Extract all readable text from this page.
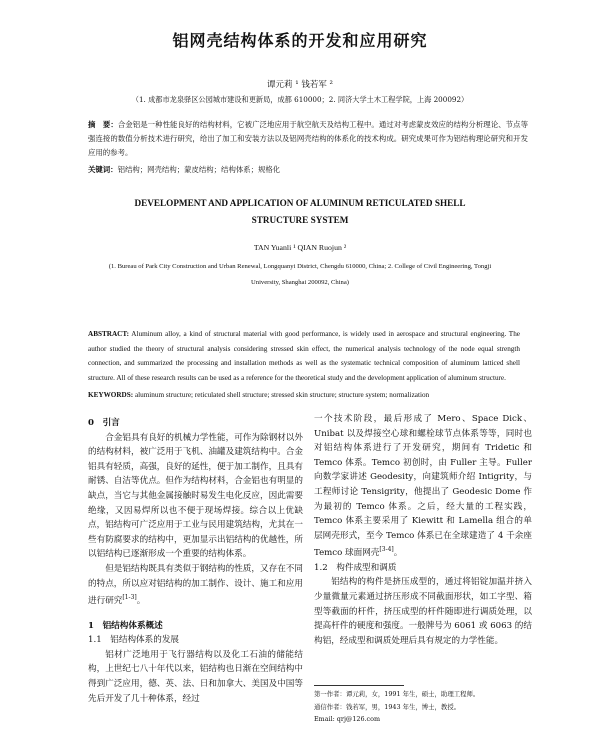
铝网壳结构体系的开发和应用研究
谭元莉 ¹ 钱若军 ²
（1. 成都市龙泉驿区公园城市建设和更新局，成都 610000；2. 同济大学土木工程学院，上海 200092）
摘　要：合金铝是一种性能良好的结构材料，它被广泛地应用于航空航天及结构工程中。通过对考虑蒙皮效应的结构分析理论、节点等强连接的数值分析技术进行研究，给出了加工和安装方法以及铝网壳结构的体系化的技术构成。研究成果可作为铝结构理论研究和开发应用的参考。
关键词：铝结构；网壳结构；蒙皮结构；结构体系；规格化
DEVELOPMENT AND APPLICATION OF ALUMINUM RETICULATED SHELL
STRUCTURE SYSTEM
TAN Yuanli ¹ QIAN Ruojun ²
(1. Bureau of Park City Construction and Urban Renewal, Longquanyi District, Chengdu 610000, China; 2. College of Civil Engineering, Tongji
University, Shanghai 200092, China)
ABSTRACT: Aluminum alloy, a kind of structural material with good performance, is widely used in aerospace and structural engineering. The author studied the theory of structural analysis considering stressed skin effect, the numerical analysis technology of the node equal strength connection, and summarized the processing and installation methods as well as the systematic technical composition of aluminum latticed shell structure. All of these research results can be used as a reference for the theoretical study and the development application of aluminum structure.
KEYWORDS: aluminum structure; reticulated shell structure; stressed skin structure; structure system; normalization

0　引言

合金铝具有良好的机械力学性能，可作为除钢材以外的结构材料，被广泛用于飞机、油罐及建筑结构中。合金铝具有轻质，高强，良好的延性，便于加工制作，且具有耐锈、自洁等优点。但作为结构材料，合金铝也有明显的缺点，当它与其他金属接触时易发生电化反应，因此需要绝缘，又因易焊所以也不便于现场焊接。综合以上优缺点，铝结构可广泛应用于工业与民用建筑结构，尤其在一些有防腐要求的结构中，更加显示出铝结构的优越性，所以铝结构已逐渐形成一个重要的结构体系。

但是铝结构既具有类似于钢结构的性质，又存在不同的特点，所以应对铝结构的加工制作、设计、施工和应用进行研究[1-3]。

1　铝结构体系概述

1.1　铝结构体系的发展

铝材广泛地用于飞行器结构以及化工石油的储能结构，上世纪七八十年代以来，铝结构也日渐在空间结构中得到广泛应用，德、英、法、日和加拿大、美国及中国等先后开发了几十种体系，经过

一个技术阶段，最后形成了 Mero、Space Dick、Unibat 以及焊接空心球和螺栓球节点体系等等，同时也对铝结构体系进行了开发研究，期间有 Tridetic 和 Temco 体系。Temco 初创时，由 Fuller 主导。Fuller 向数学家讲述 Geodesity，向建筑师介绍 Intigrity，与工程师讨论 Tensigrity，他提出了 Geodesic Dome 作为最初的 Temco 体系。之后，经大量的工程实践，Temco 体系主要采用了 Kiewitt 和 Lamella 组合的单层网壳形式，至今 Temco 体系已在全球建造了 4 千余座 Temco 球面网壳[3-4]。

1.2　构件成型和调质

铝结构的构件是挤压成型的，通过将铝锭加温并挤入少量微量元素通过挤压形成不同截面形状，如工字型、箱型等截面的杆件，挤压成型的杆件随即进行调质处理，以提高杆件的硬度和强度。一般牌号为 6061 或 6063 的结构铝，经成型和调质处理后具有规定的力学性能。

第一作者：谭元莉，女，1991 年生，硕士，助理工程师。
通信作者：钱若军，男，1943 年生，博士，教授。
Email: qrj@126.com
